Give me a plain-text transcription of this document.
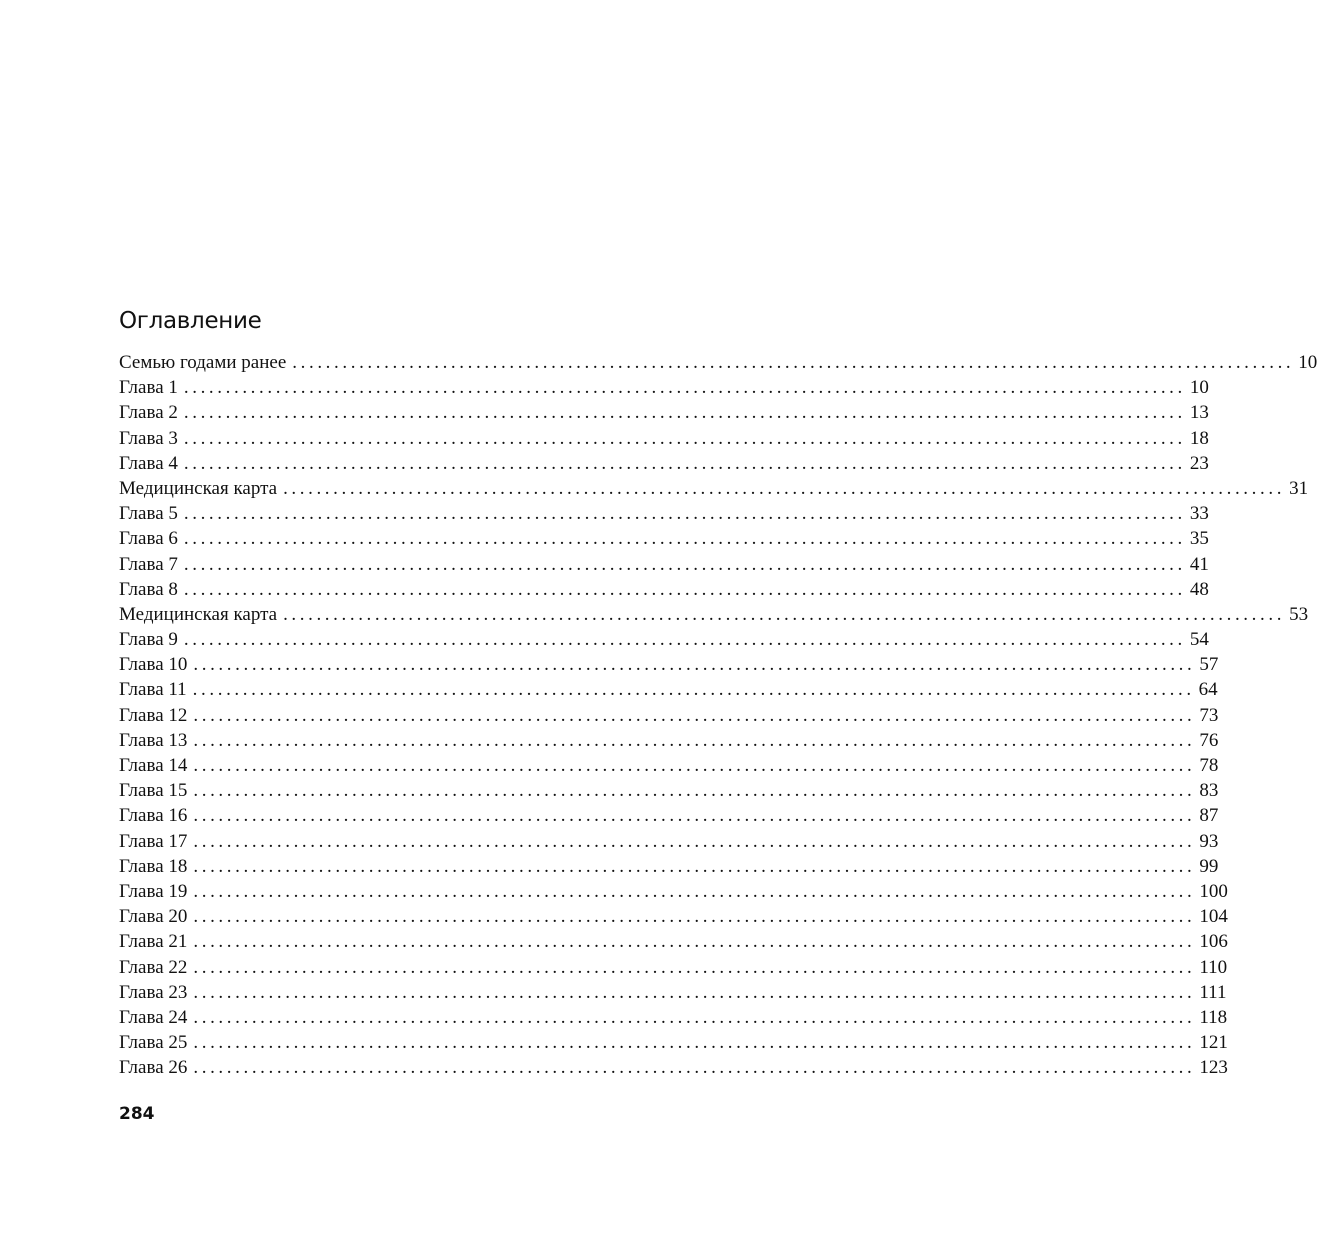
Оглавление
Семью годами ранее ........................................................................................................................ 10
Глава 1 ........................................................................................................................ 10
Глава 2 ........................................................................................................................ 13
Глава 3 ........................................................................................................................ 18
Глава 4 ........................................................................................................................ 23
Медицинская карта ........................................................................................................................ 31
Глава 5 ........................................................................................................................ 33
Глава 6 ........................................................................................................................ 35
Глава 7 ........................................................................................................................ 41
Глава 8 ........................................................................................................................ 48
Медицинская карта ........................................................................................................................ 53
Глава 9 ........................................................................................................................ 54
Глава 10 ........................................................................................................................ 57
Глава 11 ........................................................................................................................ 64
Глава 12 ........................................................................................................................ 73
Глава 13 ........................................................................................................................ 76
Глава 14 ........................................................................................................................ 78
Глава 15 ........................................................................................................................ 83
Глава 16 ........................................................................................................................ 87
Глава 17 ........................................................................................................................ 93
Глава 18 ........................................................................................................................ 99
Глава 19 ........................................................................................................................ 100
Глава 20 ........................................................................................................................ 104
Глава 21 ........................................................................................................................ 106
Глава 22 ........................................................................................................................ 110
Глава 23 ........................................................................................................................ 111
Глава 24 ........................................................................................................................ 118
Глава 25 ........................................................................................................................ 121
Глава 26 ........................................................................................................................ 123

284
